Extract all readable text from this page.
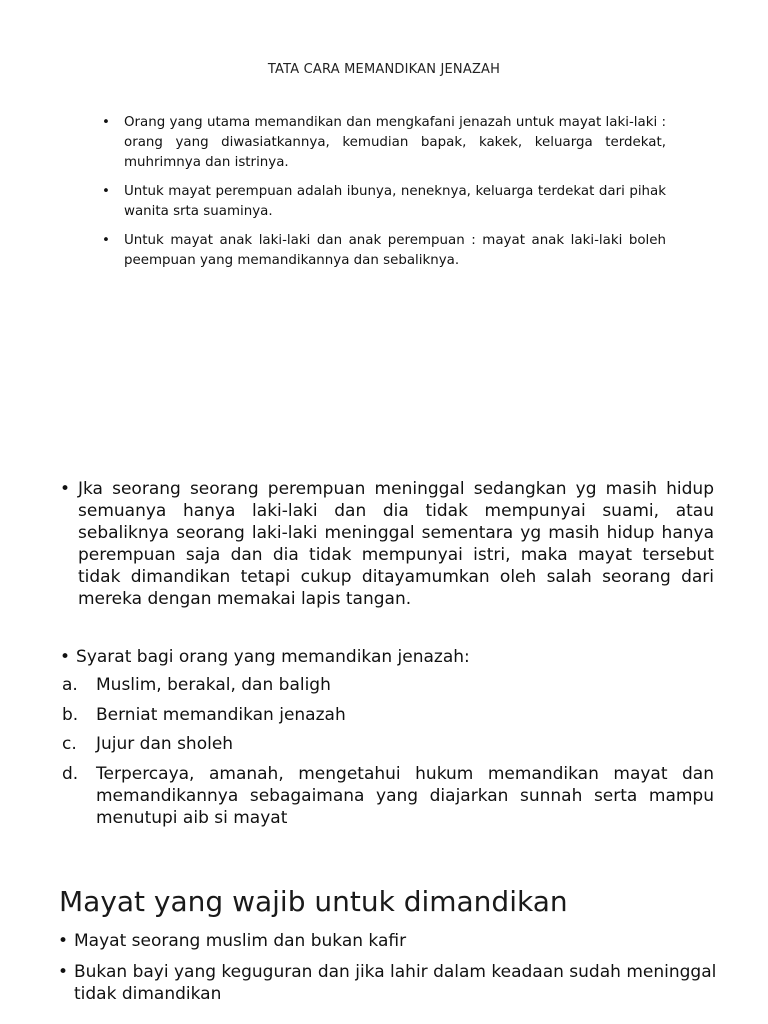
TATA CARA MEMANDIKAN JENAZAH
• Orang yang utama memandikan dan mengkafani jenazah untuk mayat laki-laki : orang yang diwasiatkannya, kemudian bapak, kakek, keluarga terdekat, muhrimnya dan istrinya.
• Untuk mayat perempuan adalah ibunya, neneknya, keluarga terdekat dari pihak wanita srta suaminya.
• Untuk mayat anak laki-laki dan anak perempuan : mayat anak laki-laki boleh peempuan yang memandikannya dan sebaliknya.
• Jka seorang seorang perempuan meninggal sedangkan yg masih hidup semuanya hanya laki-laki dan dia tidak mempunyai suami, atau sebaliknya seorang laki-laki meninggal sementara yg masih hidup hanya perempuan saja dan dia tidak mempunyai istri, maka mayat tersebut tidak dimandikan tetapi cukup ditayamumkan oleh salah seorang dari mereka dengan memakai lapis tangan.
• Syarat bagi orang yang memandikan jenazah:
a. Muslim, berakal, dan baligh
b. Berniat memandikan jenazah
c. Jujur dan sholeh
d. Terpercaya, amanah, mengetahui hukum memandikan mayat dan memandikannya sebagaimana yang diajarkan sunnah serta mampu menutupi aib si mayat
Mayat yang wajib untuk dimandikan
• Mayat seorang muslim dan bukan kafir
• Bukan bayi yang keguguran dan jika lahir dalam keadaan sudah meninggal tidak dimandikan
